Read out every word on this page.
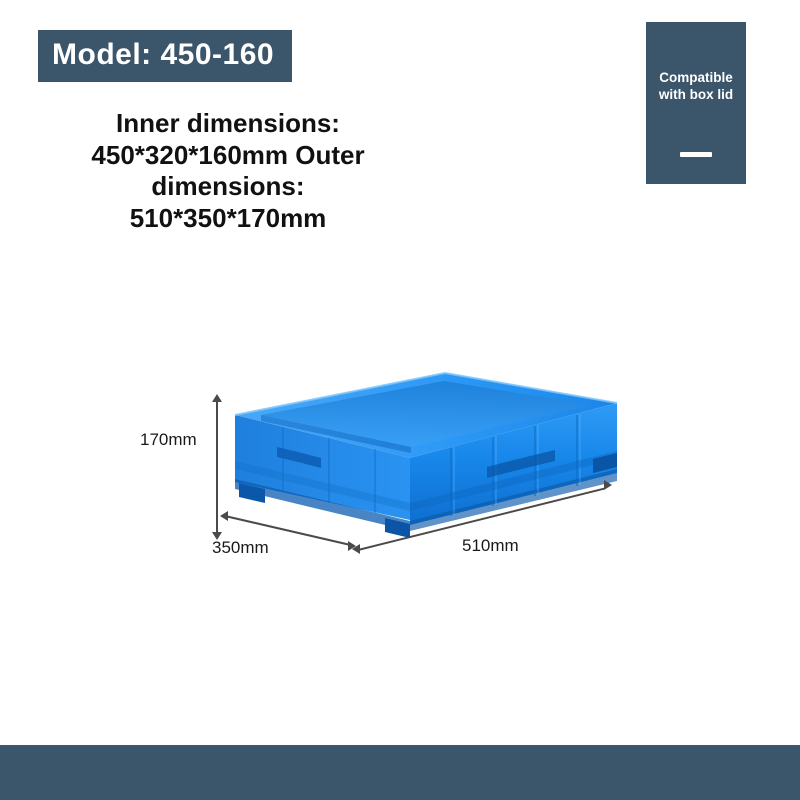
Model: 450-160
Inner dimensions:
450*320*160mm Outer
dimensions:
510*350*170mm
Compatible with box lid
170mm
350mm	510mm
